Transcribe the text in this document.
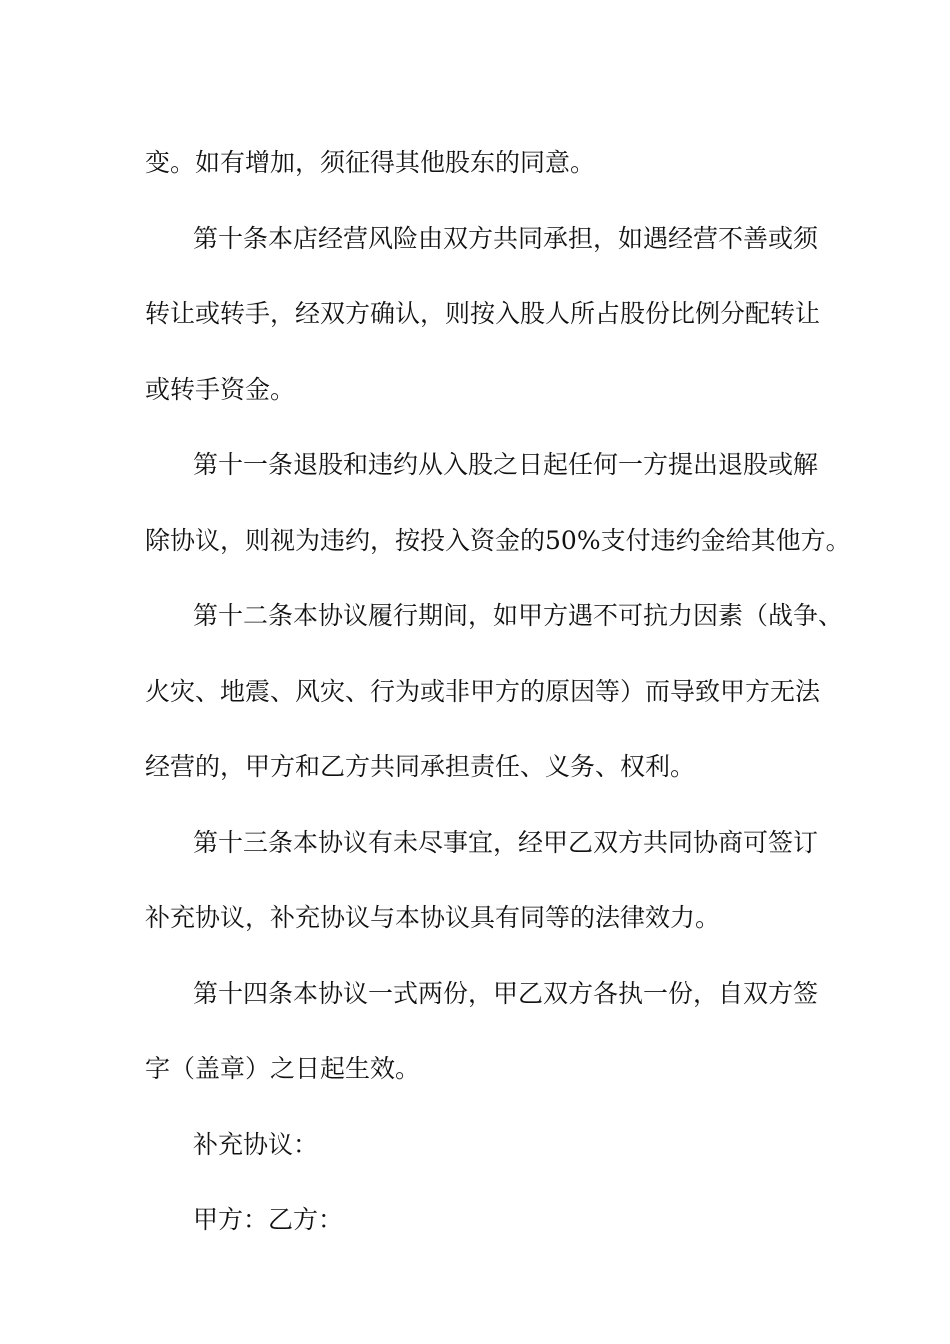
变。如有增加，须征得其他股东的同意。

第十条本店经营风险由双方共同承担，如遇经营不善或须

转让或转手，经双方确认，则按入股人所占股份比例分配转让

或转手资金。

第十一条退股和违约从入股之日起任何一方提出退股或解

除协议，则视为违约，按投入资金的50%支付违约金给其他方。

第十二条本协议履行期间，如甲方遇不可抗力因素（战争、

火灾、地震、风灾、行为或非甲方的原因等）而导致甲方无法

经营的，甲方和乙方共同承担责任、义务、权利。

第十三条本协议有未尽事宜，经甲乙双方共同协商可签订

补充协议，补充协议与本协议具有同等的法律效力。

第十四条本协议一式两份，甲乙双方各执一份，自双方签

字（盖章）之日起生效。

补充协议：

甲方：乙方：
